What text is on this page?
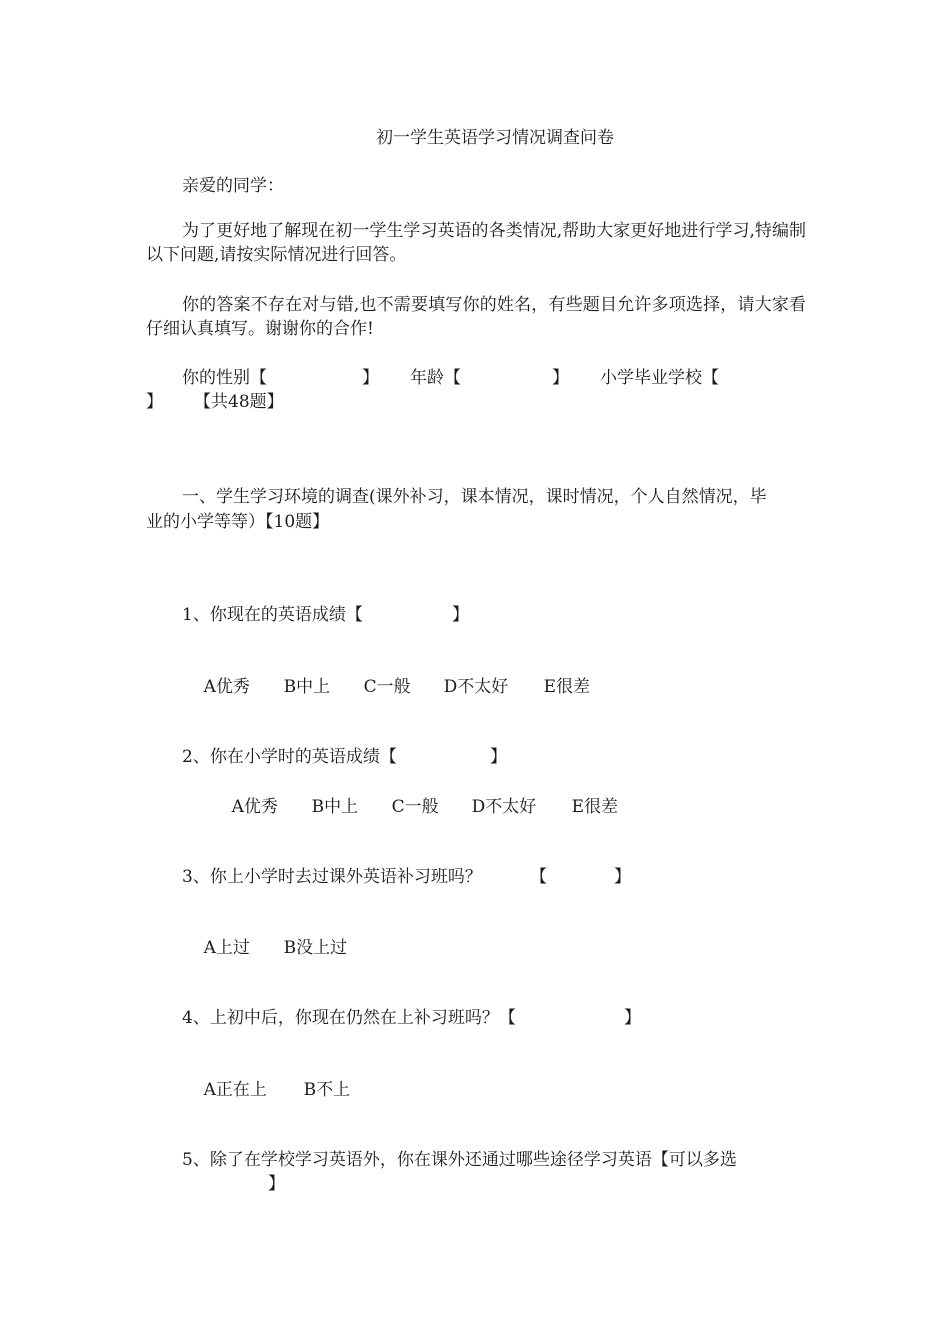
初一学生英语学习情况调查问卷
亲爱的同学：
为了更好地了解现在初一学生学习英语的各类情况,帮助大家更好地进行学习,特编制以下问题,请按实际情况进行回答。
你的答案不存在对与错,也不需要填写你的姓名，有些题目允许多项选择，请大家看仔细认真填写。谢谢你的合作!
你的性别【	】 年龄【	】 小学毕业学校【
】 【共48题】
一、学生学习环境的调查(课外补习，课本情况，课时情况，个人自然情况，毕
业的小学等等）【10题】
1、你现在的英语成绩【	】

A优秀 B中上 C一般 D不太好 E很差

2、你在小学时的英语成绩【	】

A优秀 B中上 C一般 D不太好 E很差

3、你上小学时去过课外英语补习班吗？	【	】

A上过 B没上过

4、上初中后，你现在仍然在上补习班吗？【	】

A正在上 B不上

5、除了在学校学习英语外，你在课外还通过哪些途径学习英语【可以多选
】
